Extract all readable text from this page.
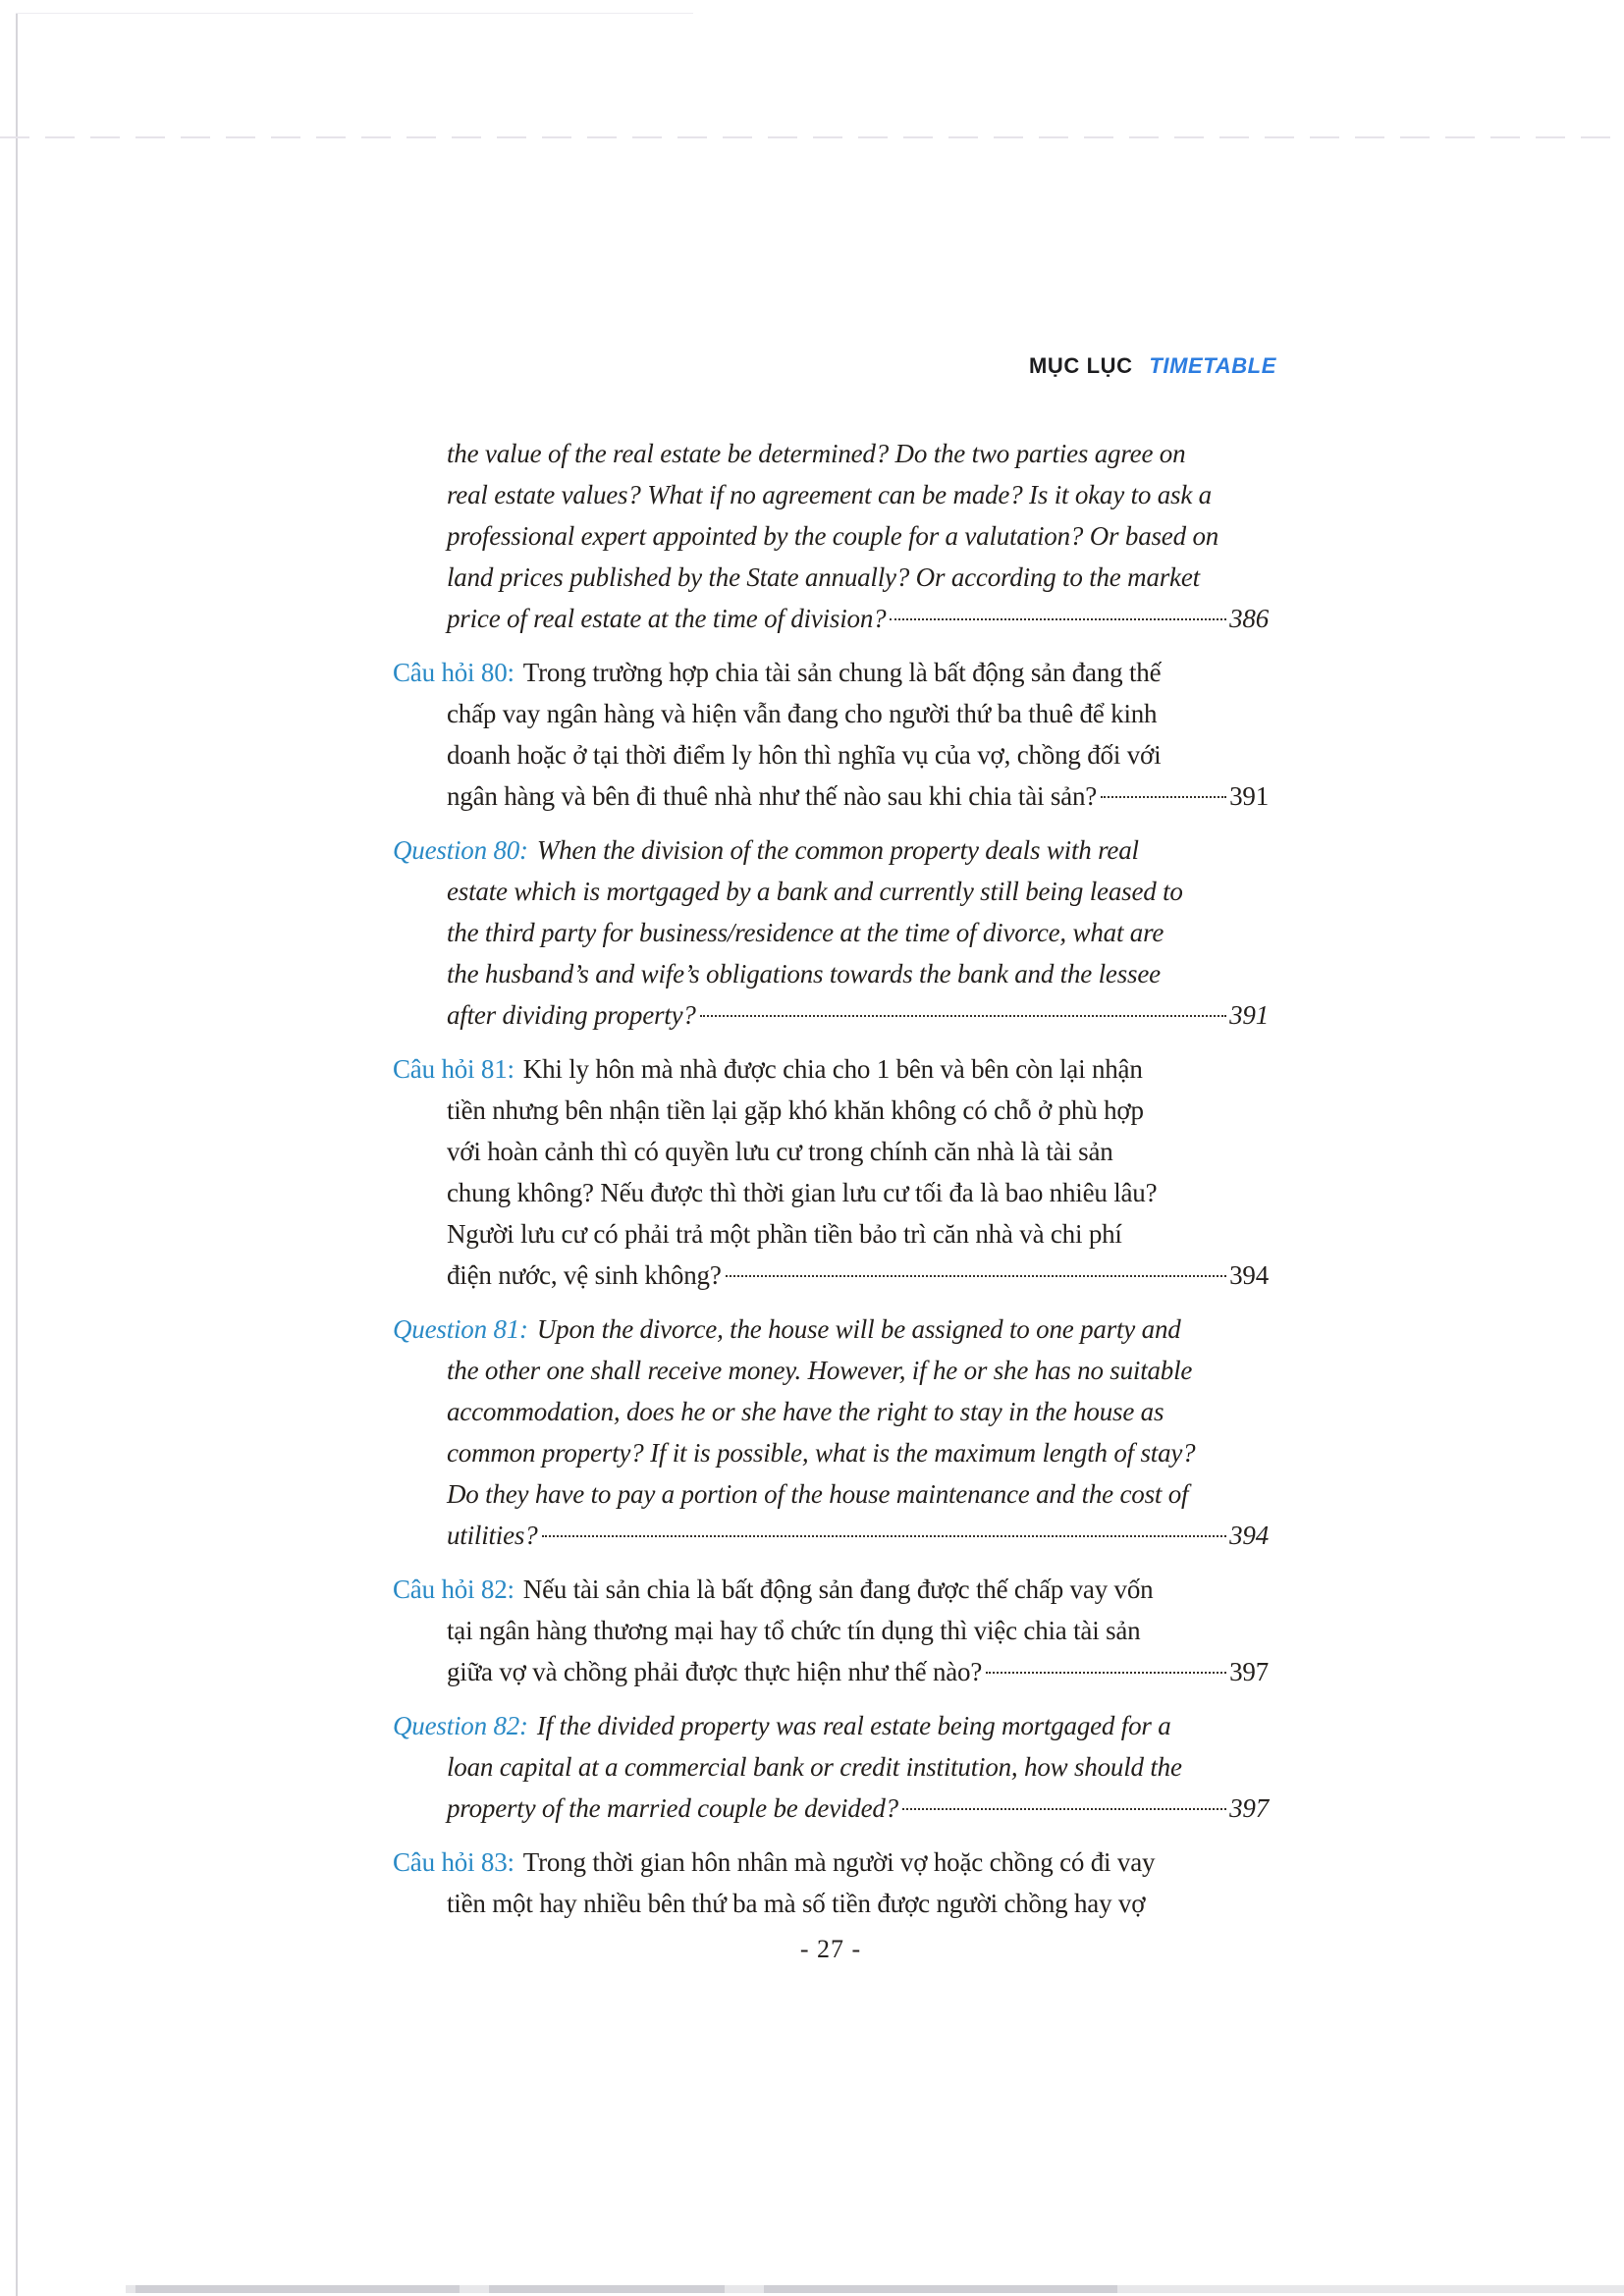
MỤC LỤC TIMETABLE
the value of the real estate be determined? Do the two parties agree on
real estate values? What if no agreement can be made? Is it okay to ask a
professional expert appointed by the couple for a valutation? Or based on
land prices published by the State annually? Or according to the market
price of real estate at the time of division?	386
Câu hỏi 80: Trong trường hợp chia tài sản chung là bất động sản đang thế
chấp vay ngân hàng và hiện vẫn đang cho người thứ ba thuê để kinh
doanh hoặc ở tại thời điểm ly hôn thì nghĩa vụ của vợ, chồng đối với
ngân hàng và bên đi thuê nhà như thế nào sau khi chia tài sản?	391
Question 80: When the division of the common property deals with real
estate which is mortgaged by a bank and currently still being leased to
the third party for business/residence at the time of divorce, what are
the husband’s and wife’s obligations towards the bank and the lessee
after dividing property?	391
Câu hỏi 81: Khi ly hôn mà nhà được chia cho 1 bên và bên còn lại nhận
tiền nhưng bên nhận tiền lại gặp khó khăn không có chỗ ở phù hợp
với hoàn cảnh thì có quyền lưu cư trong chính căn nhà là tài sản
chung không? Nếu được thì thời gian lưu cư tối đa là bao nhiêu lâu?
Người lưu cư có phải trả một phần tiền bảo trì căn nhà và chi phí
điện nước, vệ sinh không?	394
Question 81: Upon the divorce, the house will be assigned to one party and
the other one shall receive money. However, if he or she has no suitable
accommodation, does he or she have the right to stay in the house as
common property? If it is possible, what is the maximum length of stay?
Do they have to pay a portion of the house maintenance and the cost of
utilities?	394
Câu hỏi 82: Nếu tài sản chia là bất động sản đang được thế chấp vay vốn
tại ngân hàng thương mại hay tổ chức tín dụng thì việc chia tài sản
giữa vợ và chồng phải được thực hiện như thế nào?	397
Question 82: If the divided property was real estate being mortgaged for a
loan capital at a commercial bank or credit institution, how should the
property of the married couple be devided?	397
Câu hỏi 83: Trong thời gian hôn nhân mà người vợ hoặc chồng có đi vay
tiền một hay nhiều bên thứ ba mà số tiền được người chồng hay vợ
- 27 -
